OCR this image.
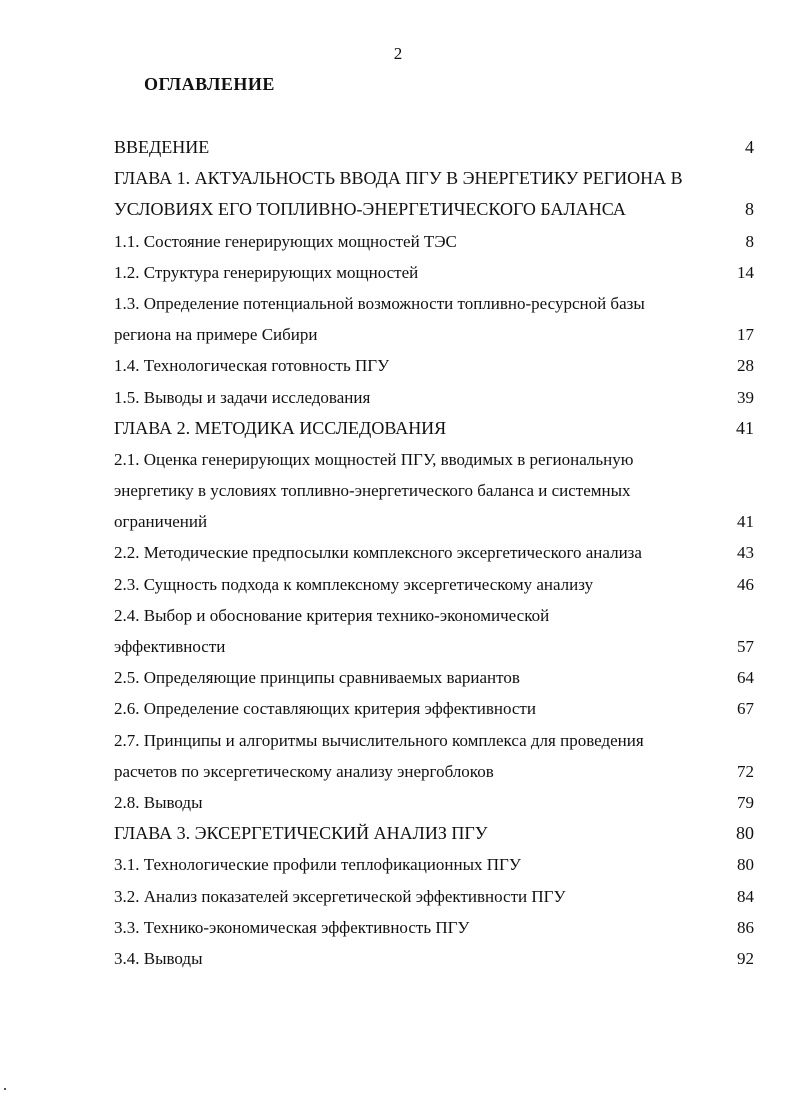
2
ОГЛАВЛЕНИЕ
ВВЕДЕНИЕ	4
ГЛАВА 1. АКТУАЛЬНОСТЬ ВВОДА ПГУ В ЭНЕРГЕТИКУ РЕГИОНА В
УСЛОВИЯХ ЕГО ТОПЛИВНО-ЭНЕРГЕТИЧЕСКОГО БАЛАНСА	8
1.1. Состояние генерирующих мощностей ТЭС	8
1.2. Структура генерирующих мощностей	14
1.3. Определение потенциальной возможности топливно-ресурсной базы
региона на примере Сибири	17
1.4. Технологическая готовность ПГУ	28
1.5. Выводы и задачи исследования	39
ГЛАВА 2. МЕТОДИКА ИССЛЕДОВАНИЯ	41
2.1. Оценка генерирующих мощностей ПГУ, вводимых в региональную
энергетику в условиях топливно-энергетического баланса и системных
ограничений	41
2.2. Методические предпосылки комплексного эксергетического анализа	43
2.3. Сущность подхода к комплексному эксергетическому анализу	46
2.4. Выбор и обоснование критерия технико-экономической
эффективности	57
2.5. Определяющие принципы сравниваемых вариантов	64
2.6. Определение составляющих критерия эффективности	67
2.7. Принципы и алгоритмы вычислительного комплекса для проведения
расчетов по эксергетическому анализу энергоблоков	72
2.8. Выводы	79
ГЛАВА 3. ЭКСЕРГЕТИЧЕСКИЙ АНАЛИЗ ПГУ	80
3.1. Технологические профили теплофикационных ПГУ	80
3.2. Анализ показателей эксергетической эффективности ПГУ	84
3.3. Технико-экономическая эффективность ПГУ	86
3.4. Выводы	92
